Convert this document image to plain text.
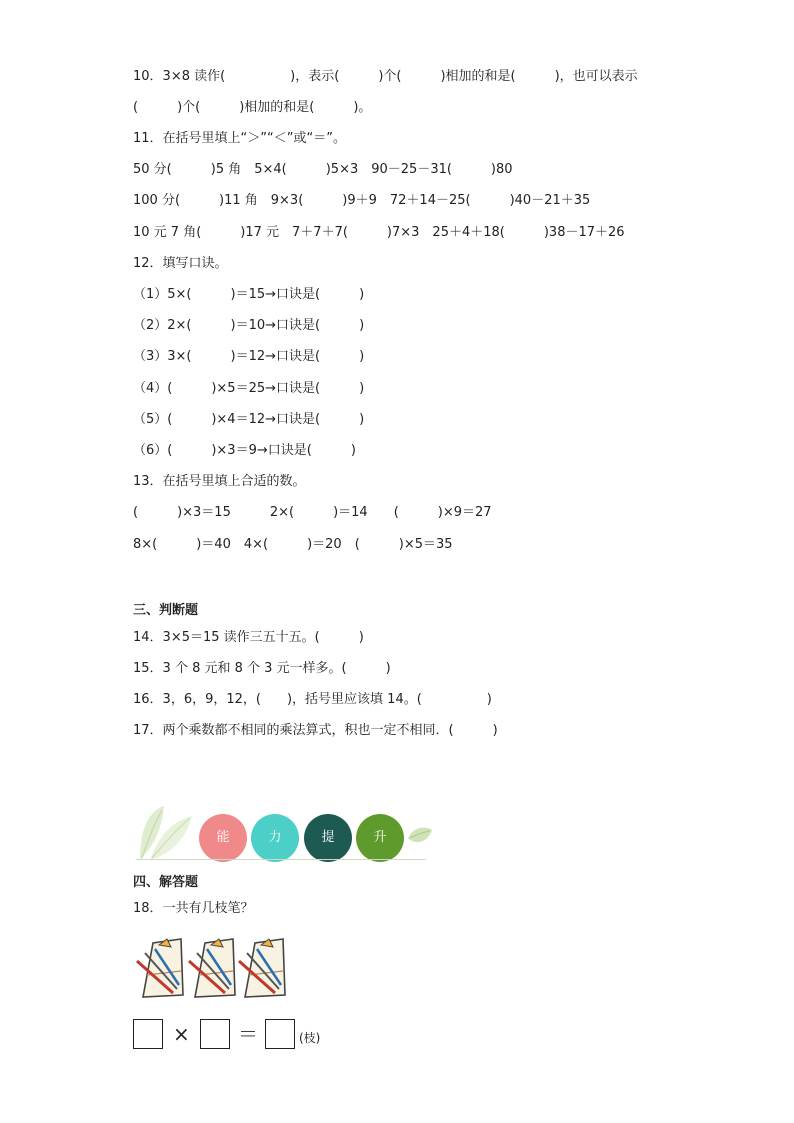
10．3×8 读作(　　　　　)，表示(　　　)个(　　　)相加的和是(　　　)，也可以表示
(　　　)个(　　　)相加的和是(　　　)。
11．在括号里填上“＞”“＜”或“＝”。
50 分(　　　)5 角　5×4(　　　)5×3　90－25－31(　　　)80
100 分(　　　)11 角　9×3(　　　)9＋9　72＋14－25(　　　)40－21＋35
10 元 7 角(　　　)17 元　7＋7＋7(　　　)7×3　25＋4＋18(　　　)38－17＋26
12．填写口诀。
（1）5×(　　　)＝15→口诀是(　　　)
（2）2×(　　　)＝10→口诀是(　　　)
（3）3×(　　　)＝12→口诀是(　　　)
（4）(　　　)×5＝25→口诀是(　　　)
（5）(　　　)×4＝12→口诀是(　　　)
（6）(　　　)×3＝9→口诀是(　　　)
13．在括号里填上合适的数。
(　　　)×3＝15　　　2×(　　　)＝14　　(　　　)×9＝27
8×(　　　)＝40　4×(　　　)＝20　(　　　)×5＝35
三、判断题
14．3×5＝15 读作三五十五。(　　　)
15．3 个 8 元和 8 个 3 元一样多。(　　　)
16．3，6，9，12，(　　)，括号里应该填 14。(　　　　　)
17．两个乘数都不相同的乘法算式，积也一定不相同．(　　　)
能	力	提	升
四、解答题
18．一共有几枝笔？
× ＝	(枝)
